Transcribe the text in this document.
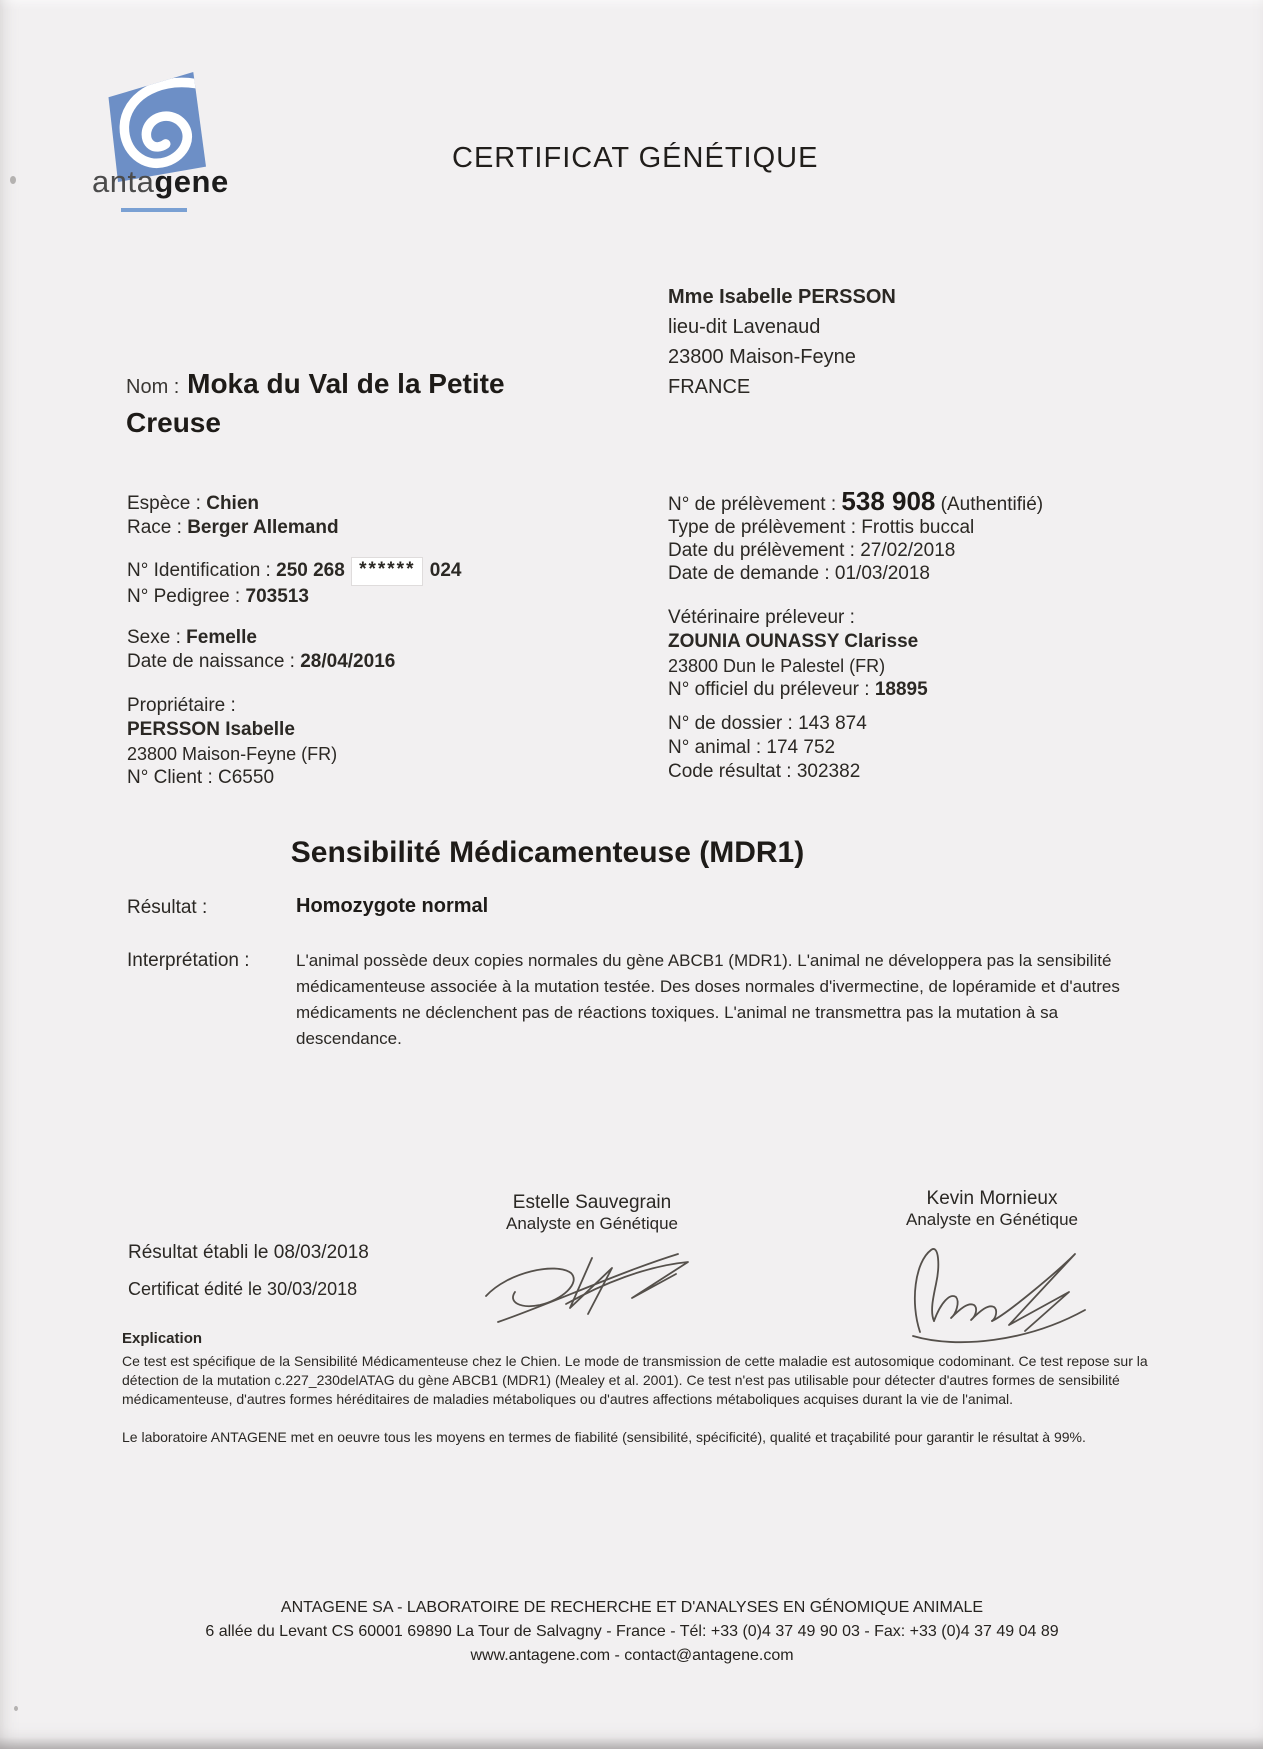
antagene
CERTIFICAT GÉNÉTIQUE
Mme Isabelle PERSSON
lieu-dit Lavenaud
23800 Maison-Feyne
FRANCE
Nom : Moka du Val de la Petite Creuse
Espèce : Chien
Race : Berger Allemand
N° Identification : 250 268 ****** 024
N° Pedigree : 703513
Sexe : Femelle
Date de naissance : 28/04/2016
Propriétaire :
PERSSON Isabelle
23800 Maison-Feyne (FR)
N° Client : C6550
N° de prélèvement : 538 908 (Authentifié)
Type de prélèvement : Frottis buccal
Date du prélèvement : 27/02/2018
Date de demande : 01/03/2018
Vétérinaire préleveur :
ZOUNIA OUNASSY Clarisse
23800 Dun le Palestel (FR)
N° officiel du préleveur : 18895
N° de dossier : 143 874
N° animal : 174 752
Code résultat : 302382
Sensibilité Médicamenteuse (MDR1)
Résultat :	Homozygote normal
Interprétation :	L'animal possède deux copies normales du gène ABCB1 (MDR1). L'animal ne développera pas la sensibilité médicamenteuse associée à la mutation testée. Des doses normales d'ivermectine, de lopéramide et d'autres médicaments ne déclenchent pas de réactions toxiques. L'animal ne transmettra pas la mutation à sa descendance.
Estelle Sauvegrain
Analyste en Génétique
Kevin Mornieux
Analyste en Génétique
Résultat établi le 08/03/2018
Certificat édité le 30/03/2018
Explication
Ce test est spécifique de la Sensibilité Médicamenteuse chez le Chien. Le mode de transmission de cette maladie est autosomique codominant. Ce test repose sur la détection de la mutation c.227_230delATAG du gène ABCB1 (MDR1) (Mealey et al. 2001). Ce test n'est pas utilisable pour détecter d'autres formes de sensibilité médicamenteuse, d'autres formes héréditaires de maladies métaboliques ou d'autres affections métaboliques acquises durant la vie de l'animal.
Le laboratoire ANTAGENE met en oeuvre tous les moyens en termes de fiabilité (sensibilité, spécificité), qualité et traçabilité pour garantir le résultat à 99%.
ANTAGENE SA - LABORATOIRE DE RECHERCHE ET D'ANALYSES EN GÉNOMIQUE ANIMALE
6 allée du Levant CS 60001 69890 La Tour de Salvagny - France - Tél: +33 (0)4 37 49 90 03 - Fax: +33 (0)4 37 49 04 89
www.antagene.com - contact@antagene.com
